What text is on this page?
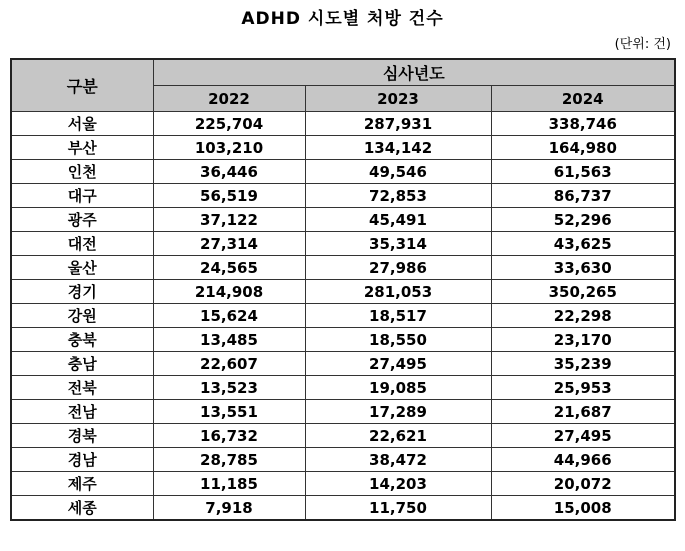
ADHD 시도별 처방 건수
(단위: 건)
구분	심사년도		
	2022	2023	2024
서울	225,704	287,931	338,746
부산	103,210	134,142	164,980
인천	36,446	49,546	61,563
대구	56,519	72,853	86,737
광주	37,122	45,491	52,296
대전	27,314	35,314	43,625
울산	24,565	27,986	33,630
경기	214,908	281,053	350,265
강원	15,624	18,517	22,298
충북	13,485	18,550	23,170
충남	22,607	27,495	35,239
전북	13,523	19,085	25,953
전남	13,551	17,289	21,687
경북	16,732	22,621	27,495
경남	28,785	38,472	44,966
제주	11,185	14,203	20,072
세종	7,918	11,750	15,008
